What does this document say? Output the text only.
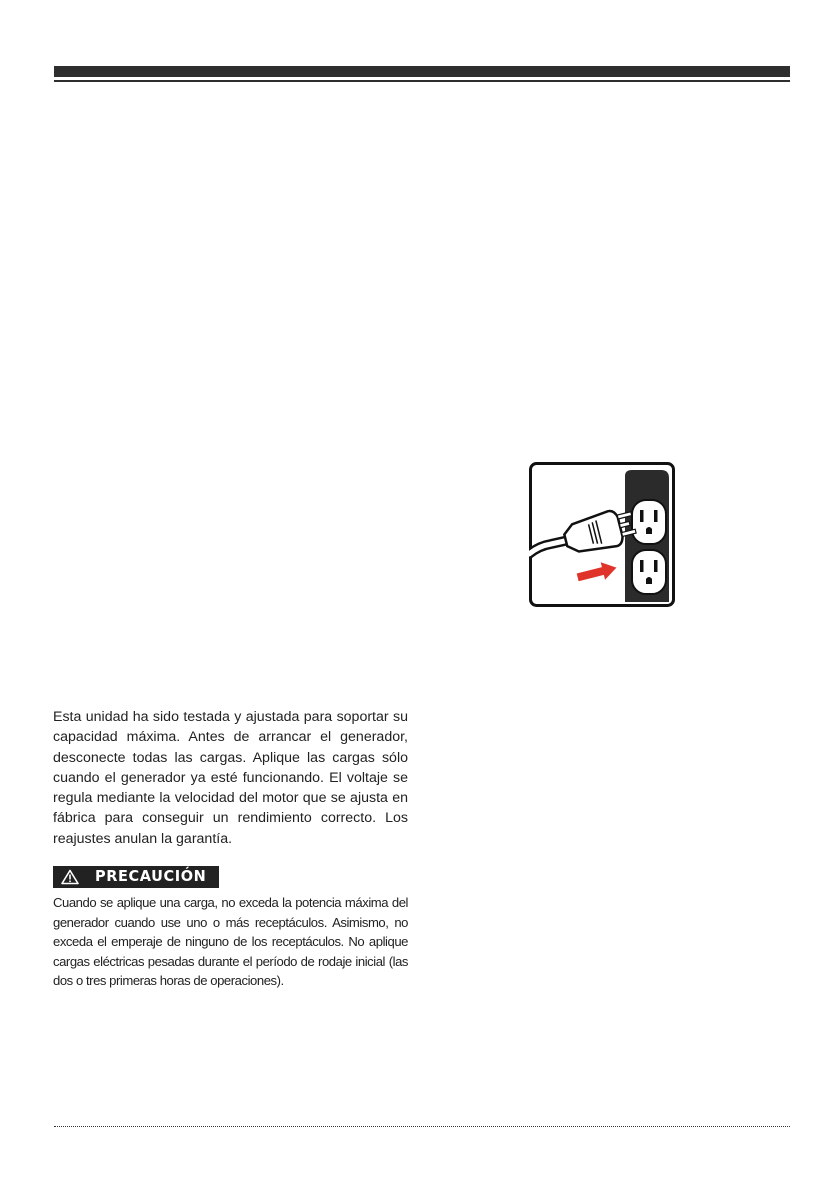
Esta unidad ha sido testada y ajustada para soportar su capacidad máxima. Antes de arrancar el generador, desconecte todas las cargas. Aplique las cargas sólo cuando el generador ya esté funcionando. El voltaje se regula mediante la velocidad del motor que se ajusta en fábrica para conseguir un rendimiento correcto. Los reajustes anulan la garantía.

PRECAUCIÓN

Cuando se aplique una carga, no exceda la potencia máxima del generador cuando use uno o más receptáculos. Asimismo, no exceda el emperaje de ninguno de los receptáculos. No aplique cargas eléctricas pesadas durante el período de rodaje inicial (las dos o tres primeras horas de operaciones).
